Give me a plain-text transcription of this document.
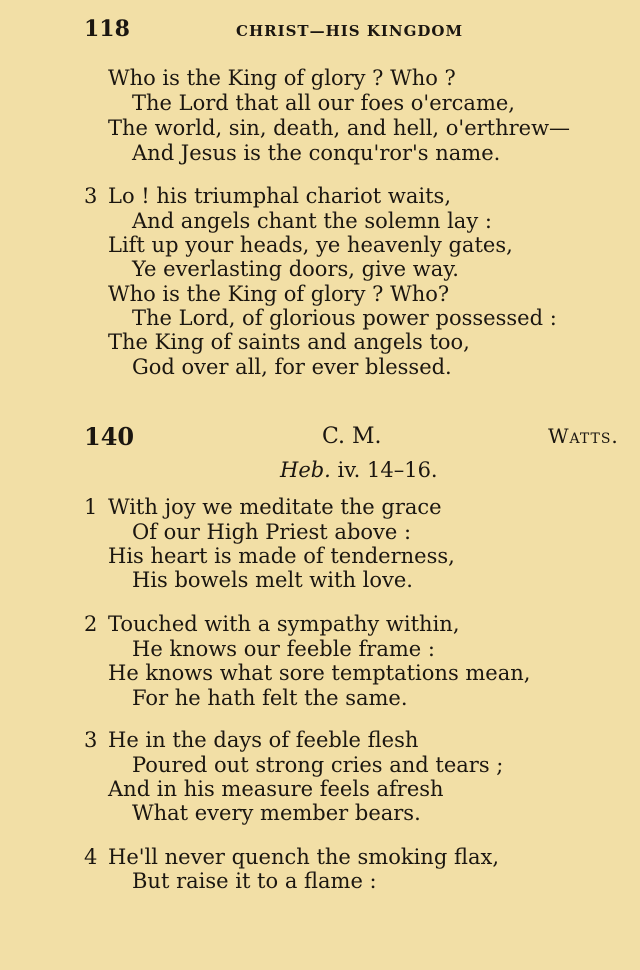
118	CHRIST—HIS KINGDOM
Who is the King of glory ? Who ?
The Lord that all our foes o'ercame,
The world, sin, death, and hell, o'erthrew—
And Jesus is the conqu'ror's name.
3 Lo ! his triumphal chariot waits,
And angels chant the solemn lay :
Lift up your heads, ye heavenly gates,
Ye everlasting doors, give way.
Who is the King of glory ? Who?
The Lord, of glorious power possessed :
The King of saints and angels too,
God over all, for ever blessed.
140	C. M.	Watts.
Heb. iv. 14–16.
1 With joy we meditate the grace
Of our High Priest above :
His heart is made of tenderness,
His bowels melt with love.
2 Touched with a sympathy within,
He knows our feeble frame :
He knows what sore temptations mean,
For he hath felt the same.
3 He in the days of feeble flesh
Poured out strong cries and tears ;
And in his measure feels afresh
What every member bears.
4 He'll never quench the smoking flax,
But raise it to a flame :
